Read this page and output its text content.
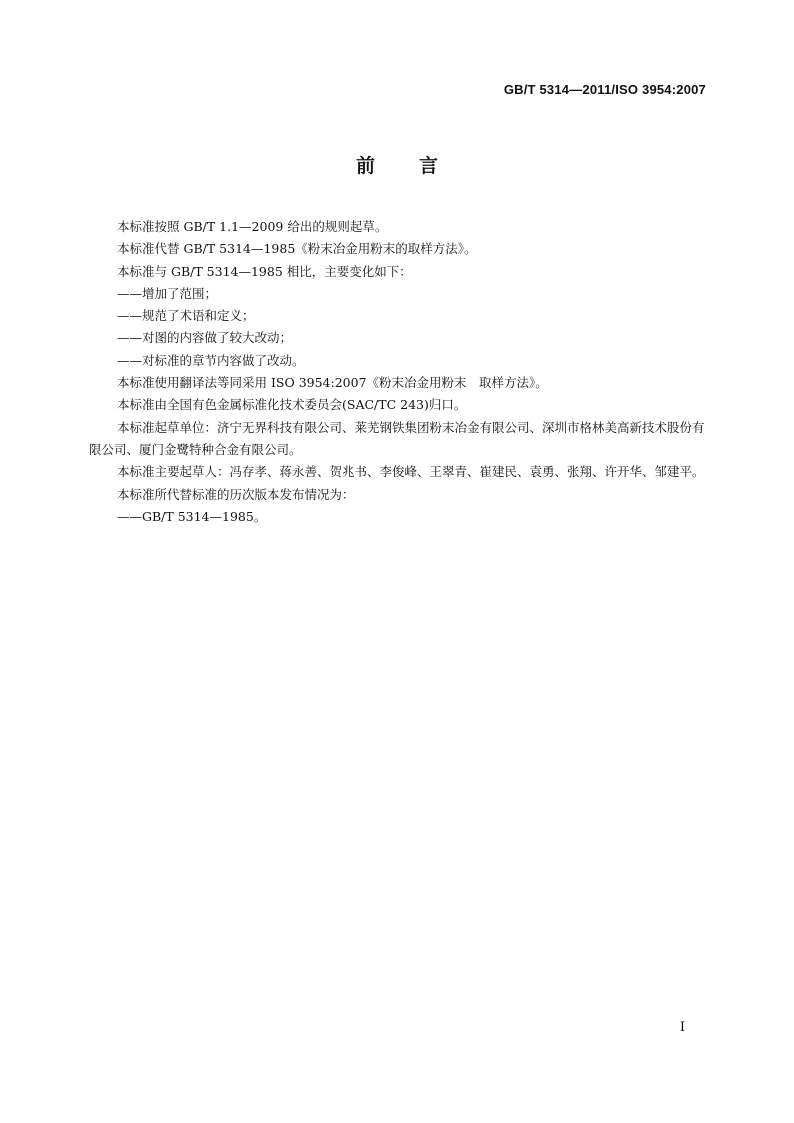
GB/T 5314—2011/ISO 3954:2007
前言

本标准按照 GB/T 1.1—2009 给出的规则起草。

本标准代替 GB/T 5314—1985《粉末冶金用粉末的取样方法》。

本标准与 GB/T 5314—1985 相比，主要变化如下：

——增加了范围；

——规范了术语和定义；

——对图的内容做了较大改动；

——对标准的章节内容做了改动。

本标准使用翻译法等同采用 ISO 3954:2007《粉末冶金用粉末　取样方法》。

本标准由全国有色金属标准化技术委员会(SAC/TC 243)归口。

本标准起草单位：济宁无界科技有限公司、莱芜钢铁集团粉末冶金有限公司、深圳市格林美高新技术股份有限公司、厦门金鹭特种合金有限公司。

本标准主要起草人：冯存孝、蒋永善、贺兆书、李俊峰、王翠青、崔建民、袁勇、张翔、许开华、邹建平。

本标准所代替标准的历次版本发布情况为：

——GB/T 5314—1985。

I
